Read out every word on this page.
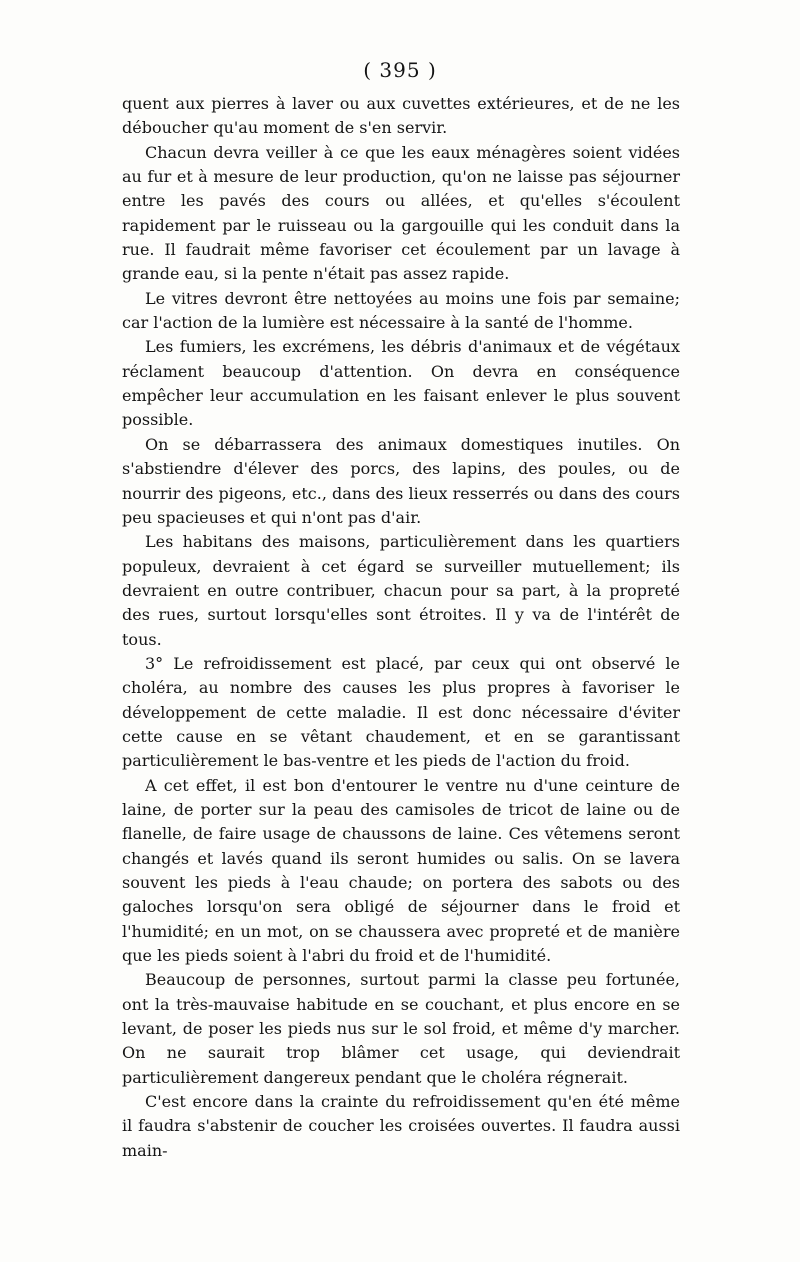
( 395 )

quent aux pierres à laver ou aux cuvettes extérieures, et de ne les déboucher qu'au moment de s'en servir.

Chacun devra veiller à ce que les eaux ménagères soient vidées au fur et à mesure de leur production, qu'on ne laisse pas séjourner entre les pavés des cours ou allées, et qu'elles s'écoulent rapidement par le ruisseau ou la gargouille qui les conduit dans la rue. Il faudrait même favoriser cet écoulement par un lavage à grande eau, si la pente n'était pas assez rapide.

Le vitres devront être nettoyées au moins une fois par semaine; car l'action de la lumière est nécessaire à la santé de l'homme.

Les fumiers, les excrémens, les débris d'animaux et de végétaux réclament beaucoup d'attention. On devra en conséquence empêcher leur accumulation en les faisant enlever le plus souvent possible.

On se débarrassera des animaux domestiques inutiles. On s'abstiendre d'élever des porcs, des lapins, des poules, ou de nourrir des pigeons, etc., dans des lieux resserrés ou dans des cours peu spacieuses et qui n'ont pas d'air.

Les habitans des maisons, particulièrement dans les quartiers populeux, devraient à cet égard se surveiller mutuellement; ils devraient en outre contribuer, chacun pour sa part, à la propreté des rues, surtout lorsqu'elles sont étroites. Il y va de l'intérêt de tous.

3° Le refroidissement est placé, par ceux qui ont observé le choléra, au nombre des causes les plus propres à favoriser le développement de cette maladie. Il est donc nécessaire d'éviter cette cause en se vêtant chaudement, et en se garantissant particulièrement le bas-ventre et les pieds de l'action du froid.

A cet effet, il est bon d'entourer le ventre nu d'une ceinture de laine, de porter sur la peau des camisoles de tricot de laine ou de flanelle, de faire usage de chaussons de laine. Ces vêtemens seront changés et lavés quand ils seront humides ou salis. On se lavera souvent les pieds à l'eau chaude; on portera des sabots ou des galoches lorsqu'on sera obligé de séjourner dans le froid et l'humidité; en un mot, on se chaussera avec propreté et de manière que les pieds soient à l'abri du froid et de l'humidité.

Beaucoup de personnes, surtout parmi la classe peu fortunée, ont la très-mauvaise habitude en se couchant, et plus encore en se levant, de poser les pieds nus sur le sol froid, et même d'y marcher. On ne saurait trop blâmer cet usage, qui deviendrait particulièrement dangereux pendant que le choléra régnerait.

C'est encore dans la crainte du refroidissement qu'en été même il faudra s'abstenir de coucher les croisées ouvertes. Il faudra aussi main-
